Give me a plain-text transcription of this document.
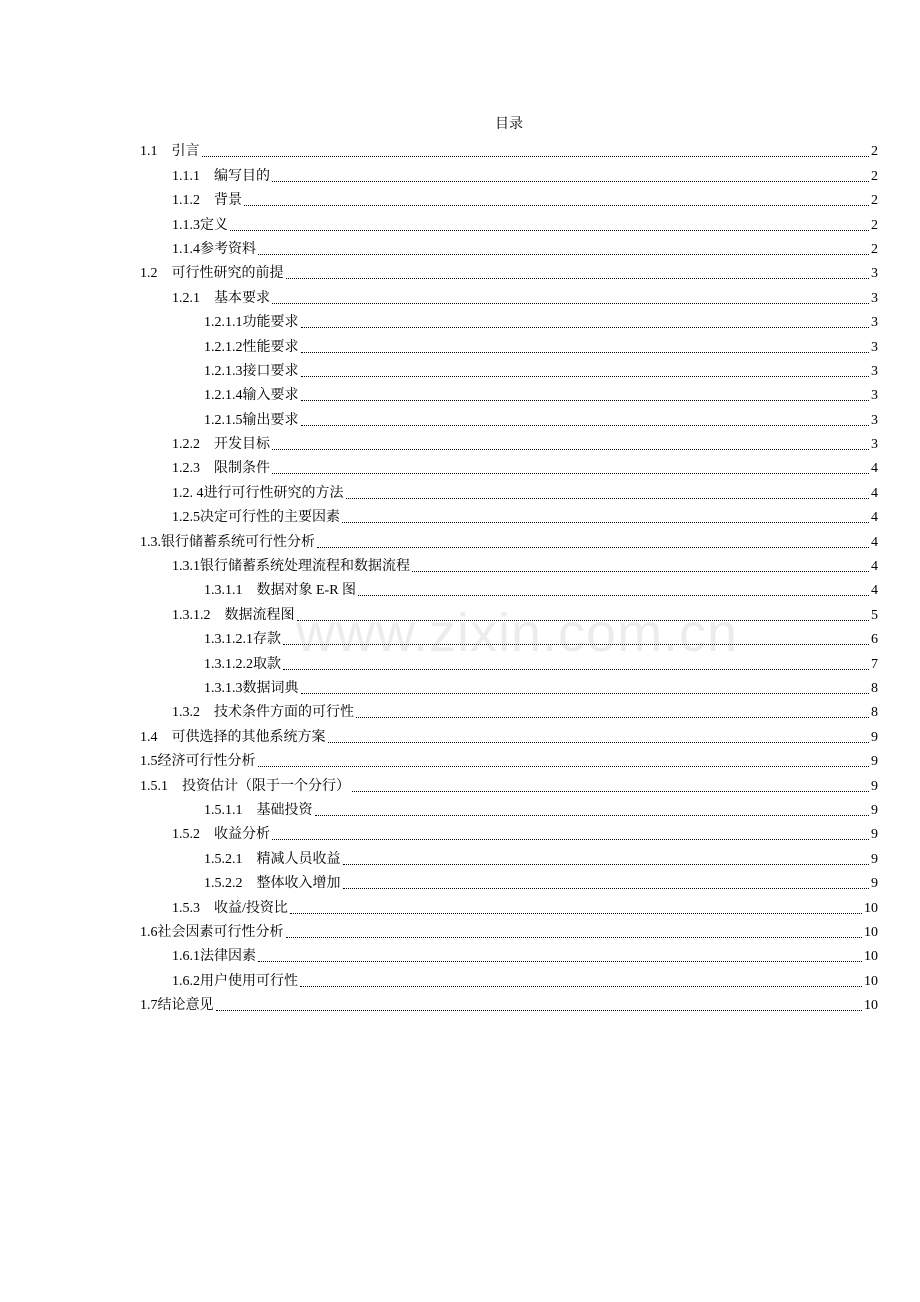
目录
1.1　 引言	2
1.1.1　 编写目的	2
1.1.2　 背景	2
1.1.3 定义	2
1.1.4 参考资料	2
1.2　 可行性研究的前提	3
1.2.1　 基本要求	3
1.2.1.1 功能要求	3
1.2.1.2 性能要求	3
1.2.1.3 接口要求	3
1.2.1.4 输入要求	3
1.2.1.5 输出要求	3
1.2.2　 开发目标	3
1.2.3　 限制条件	4
1.2. 4 进行可行性研究的方法	4
1.2.5 决定可行性的主要因素	4
1.3. 银行储蓄系统可行性分析	4
1.3.1 银行储蓄系统处理流程和数据流程	4
1.3.1.1　 数据对象 E-R 图	4
1.3.1.2　 数据流程图	5
1.3.1.2.1 存款	6
1.3.1.2.2 取款	7
1.3.1.3 数据词典	8
1.3.2　 技术条件方面的可行性	8
1.4　 可供选择的其他系统方案	9
1.5 经济可行性分析	9
1.5.1　 投资估计（限于一个分行）	9
1.5.1.1　 基础投资	9
1.5.2　 收益分析	9
1.5.2.1　 精减人员收益	9
1.5.2.2　 整体收入增加	9
1.5.3　 收益/投资比	10
1.6 社会因素可行性分析	10
1.6.1 法律因素	10
1.6.2 用户使用可行性	10
1.7 结论意见	10
www.zixin.com.cn
